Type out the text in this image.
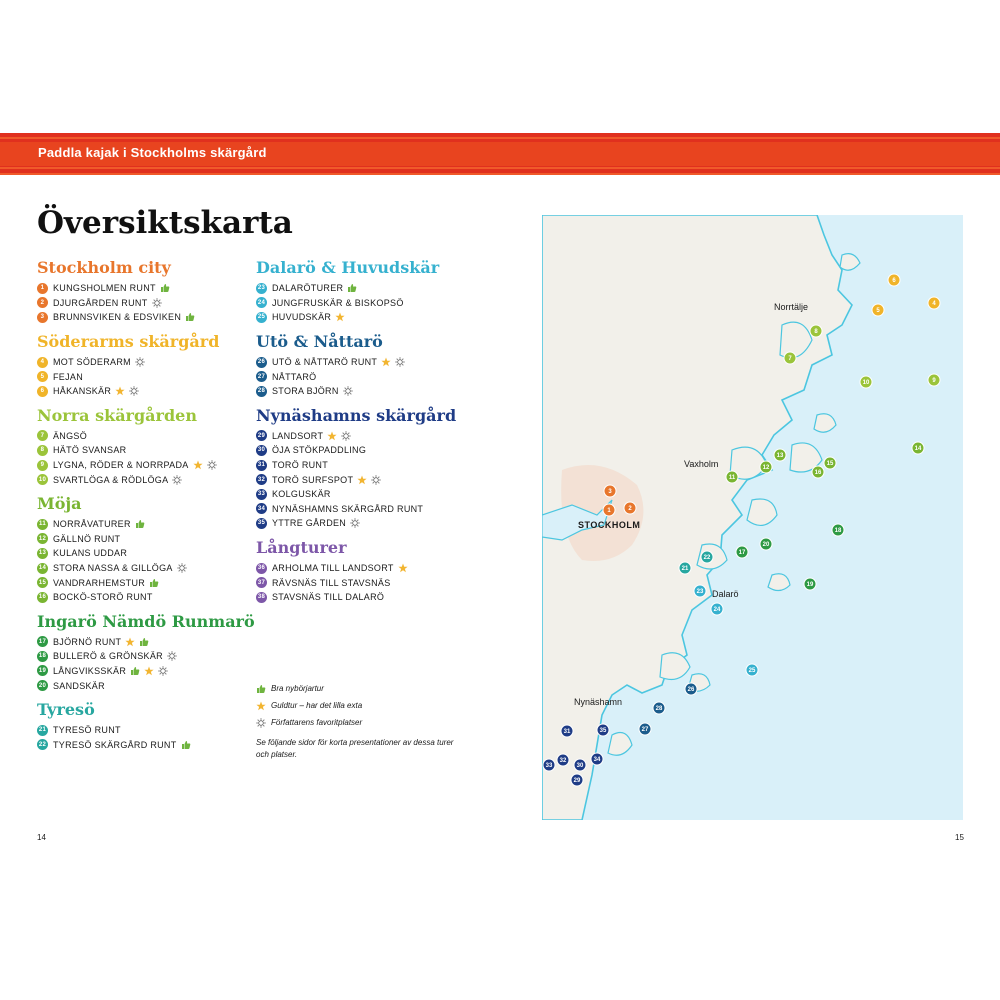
Paddla kajak i Stockholms skärgård
Översiktskarta
Stockholm city
1 KUNGSHOLMEN RUNT
2 DJURGÅRDEN RUNT
3 BRUNNSVIKEN & EDSVIKEN
Söderarms skärgård
4 MOT SÖDERARM
5 FEJAN
6 HÅKANSKÄR
Norra skärgården
7 ÄNGSÖ
8 HÄTÖ SVANSAR
9 LYGNA, RÖDER & NORRPADA
10 SVARTLÖGA & RÖDLÖGA
Möja
11 NORRÅVATURER
12 GÄLLNÖ RUNT
13 KULANS UDDAR
14 STORA NASSA & GILLÖGA
15 VANDRARHEMSTUR
16 BOCKÖ-STORÖ RUNT
Ingarö Nämdö Runmarö
17 BJÖRNÖ RUNT
18 BULLERÖ & GRÖNSKÄR
19 LÅNGVIKSSKÄR
20 SANDSKÄR
Tyresö
21 TYRESÖ RUNT
22 TYRESÖ SKÄRGÅRD RUNT
Dalarö & Huvudskär
23 DALARÖTURER
24 JUNGFRUSKÄR & BISKOPSÖ
25 HUVUDSKÄR
Utö & Nåttarö
26 UTÖ & NÅTTARÖ RUNT
27 NÅTTARÖ
28 STORA BJÖRN
Nynäshamns skärgård
29 LANDSORT
30 ÖJA STÖKPADDLING
31 TORÖ RUNT
32 TORÖ SURFSPOT
33 KOLGUSKÄR
34 NYNÄSHAMNS SKÄRGÅRD RUNT
35 YTTRE GÅRDEN
Långturer
36 ARHOLMA TILL LANDSORT
37 RÄVSNÄS TILL STAVSNÄS
38 STAVSNÄS TILL DALARÖ
Bra nybörjartur
Guldtur – har det lilla exta
Författarens favoritplatser
Se följande sidor för korta presentationer av dessa turer och platser.
1	2
3
4
5
6
7
8
9
10
11
12
13
14
15
16
17
18
19
20
21
22
23
24
25
26
27
28
29
30
31
32
33
34
35
Norrtälje
Vaxholm
STOCKHOLM
Dalarö
Nynäshamn
14	15
